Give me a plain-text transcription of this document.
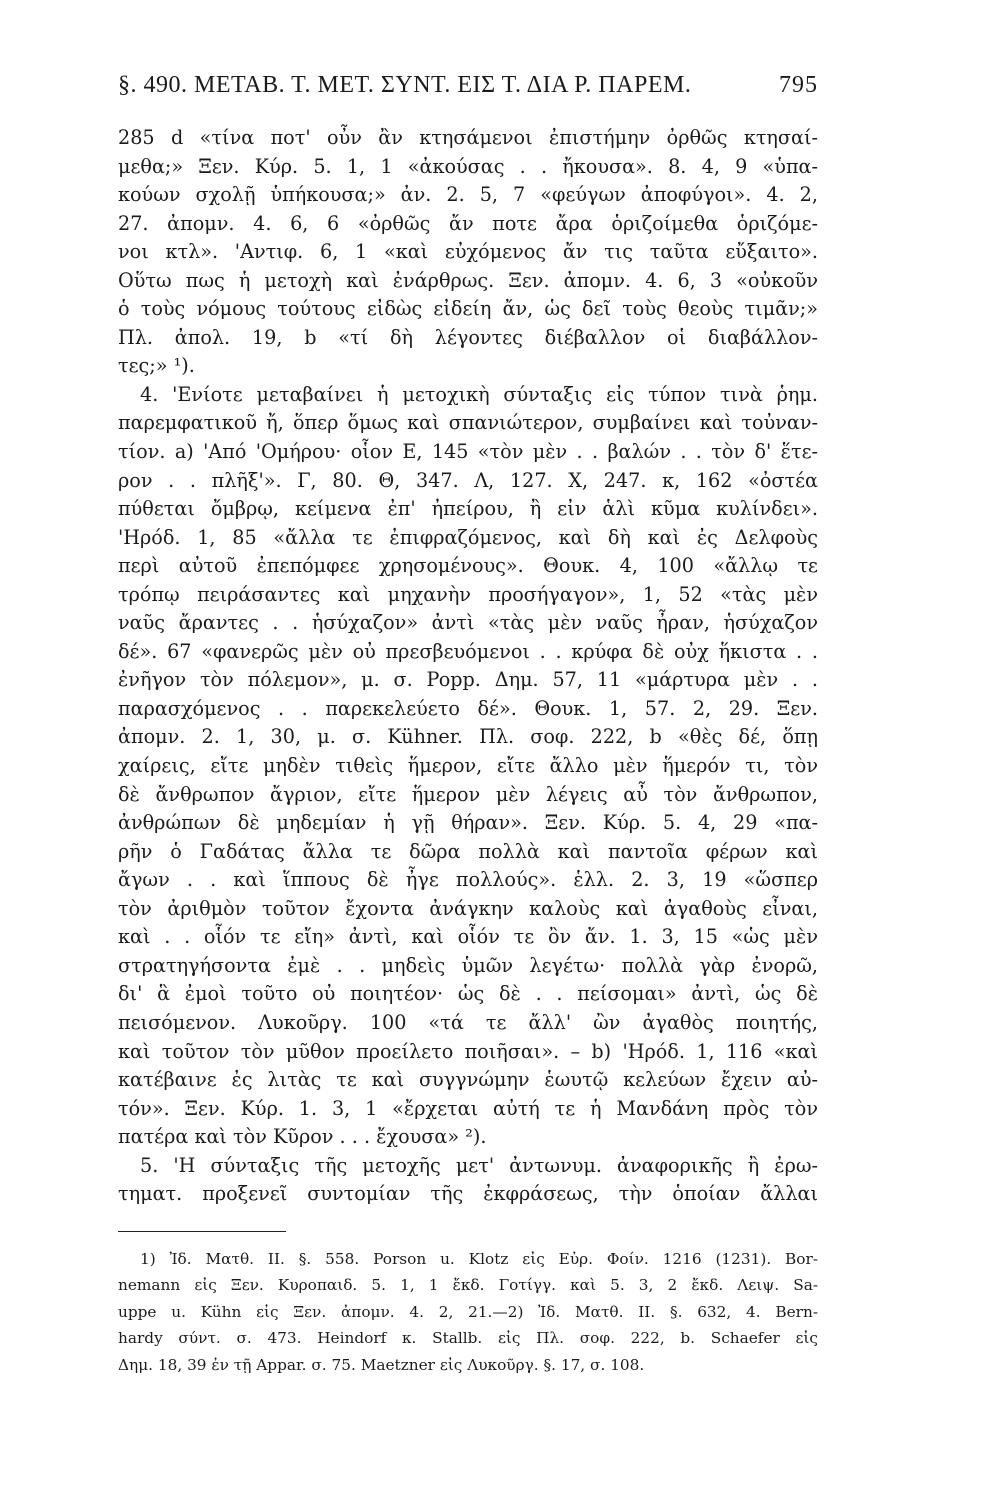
§. 490. ΜΕΤΑΒ. Τ. ΜΕΤ. ΣΥΝΤ. ΕΙΣ Τ. ΔΙΑ Ρ. ΠΑΡΕΜ.	795
285 d «τίνα ποτ' οὖν ἂν κτησάμενοι ἐπιστήμην ὀρθῶς κτησαί-
μεθα;» Ξεν. Κύρ. 5. 1, 1 «ἀκούσας . . ἤκουσα». 8. 4, 9 «ὑπα-
κούων σχολῇ ὑπήκουσα;» ἀν. 2. 5, 7 «φεύγων ἀποφύγοι». 4. 2,
27. ἀπομν. 4. 6, 6 «ὀρθῶς ἄν ποτε ἄρα ὁριζοίμεθα ὁριζόμε-
νοι κτλ». 'Αντιφ. 6, 1 «καὶ εὐχόμενος ἄν τις ταῦτα εὔξαιτο».
Οὕτω πως ἡ μετοχὴ καὶ ἐνάρθρως. Ξεν. ἀπομν. 4. 6, 3 «οὐκοῦν
ὁ τοὺς νόμους τούτους εἰδὼς εἰδείη ἄν, ὡς δεῖ τοὺς θεοὺς τιμᾶν;»
Πλ. ἀπολ. 19, b «τί δὴ λέγοντες διέβαλλον οἱ διαβάλλον-
τες;» ¹).
4. 'Ενίοτε μεταβαίνει ἡ μετοχικὴ σύνταξις εἰς τύπον τινὰ ῥημ.
παρεμφατικοῦ ἤ, ὅπερ ὅμως καὶ σπανιώτερον, συμβαίνει καὶ τοὐναν-
τίον. a) 'Από 'Ομήρου· οἷον Ε, 145 «τὸν μὲν . . βαλών . . τὸν δ' ἕτε-
ρον . . πλῆξ'». Γ, 80. Θ, 347. Λ, 127. Χ, 247. κ, 162 «ὀστέα
πύθεται ὄμβρῳ, κείμενα ἐπ' ἠπείρου, ἢ εἰν ἁλὶ κῦμα κυλίνδει».
'Ηρόδ. 1, 85 «ἄλλα τε ἐπιφραζόμενος, καὶ δὴ καὶ ἐς Δελφοὺς
περὶ αὐτοῦ ἐπεπόμφεε χρησομένους». Θουκ. 4, 100 «ἄλλῳ τε
τρόπῳ πειράσαντες καὶ μηχανὴν προσήγαγον», 1, 52 «τὰς μὲν
ναῦς ἄραντες . . ἡσύχαζον» ἀντὶ «τὰς μὲν ναῦς ἦραν, ἡσύχαζον
δέ». 67 «φανερῶς μὲν οὐ πρεσβευόμενοι . . κρύφα δὲ οὐχ ἥκιστα . .
ἐνῆγον τὸν πόλεμον», μ. σ. Popp. Δημ. 57, 11 «μάρτυρα μὲν . .
παρασχόμενος . . παρεκελεύετο δέ». Θουκ. 1, 57. 2, 29. Ξεν.
ἀπομν. 2. 1, 30, μ. σ. Kühner. Πλ. σοφ. 222, b «θὲς δέ, ὅπῃ
χαίρεις, εἴτε μηδὲν τιθεὶς ἥμερον, εἴτε ἄλλο μὲν ἥμερόν τι, τὸν
δὲ ἄνθρωπον ἄγριον, εἴτε ἥμερον μὲν λέγεις αὖ τὸν ἄνθρωπον,
ἀνθρώπων δὲ μηδεμίαν ἡ γῇ θήραν». Ξεν. Κύρ. 5. 4, 29 «πα-
ρῆν ὁ Γαδάτας ἄλλα τε δῶρα πολλὰ καὶ παντοῖα φέρων καὶ
ἄγων . . καὶ ἵππους δὲ ἦγε πολλούς». ἑλλ. 2. 3, 19 «ὥσπερ
τὸν ἀριθμὸν τοῦτον ἔχοντα ἀνάγκην καλοὺς καὶ ἀγαθοὺς εἶναι,
καὶ . . οἷόν τε εἴη» ἀντὶ, καὶ οἷόν τε ὂν ἄν. 1. 3, 15 «ὡς μὲν
στρατηγήσοντα ἐμὲ . . μηδεὶς ὑμῶν λεγέτω· πολλὰ γὰρ ἐνορῶ,
δι' ἃ ἐμοὶ τοῦτο οὐ ποιητέον· ὡς δὲ . . πείσομαι» ἀντὶ, ὡς δὲ
πεισόμενον. Λυκοῦργ. 100 «τά τε ἄλλ' ὢν ἀγαθὸς ποιητής,
καὶ τοῦτον τὸν μῦθον προείλετο ποιῆσαι». – b) 'Ηρόδ. 1, 116 «καὶ
κατέβαινε ἐς λιτὰς τε καὶ συγγνώμην ἑωυτῷ κελεύων ἔχειν αὐ-
τόν». Ξεν. Κύρ. 1. 3, 1 «ἔρχεται αὐτή τε ἡ Μανδάνη πρὸς τὸν
πατέρα καὶ τὸν Κῦρον . . . ἔχουσα» ²).
5. 'Η σύνταξις τῆς μετοχῆς μετ' ἀντωνυμ. ἀναφορικῆς ἢ ἐρω-
τηματ. προξενεῖ συντομίαν τῆς ἐκφράσεως, τὴν ὁποίαν ἄλλαι
1) Ἰδ. Ματθ. II. §. 558. Porson u. Klotz εἰς Εὐρ. Φοίν. 1216 (1231). Bor-
nemann εἰς Ξεν. Κυροπαιδ. 5. 1, 1 ἔκδ. Γοτίγγ. καὶ 5. 3, 2 ἔκδ. Λειψ. Sa-
uppe u. Kühn εἰς Ξεν. ἀπομν. 4. 2, 21.—2) Ἰδ. Ματθ. II. §. 632, 4. Bern-
hardy σύντ. σ. 473. Heindorf κ. Stallb. εἰς Πλ. σοφ. 222, b. Schaefer εἰς
Δημ. 18, 39 ἐν τῇ Appar. σ. 75. Maetzner εἰς Λυκοῦργ. §. 17, σ. 108.
